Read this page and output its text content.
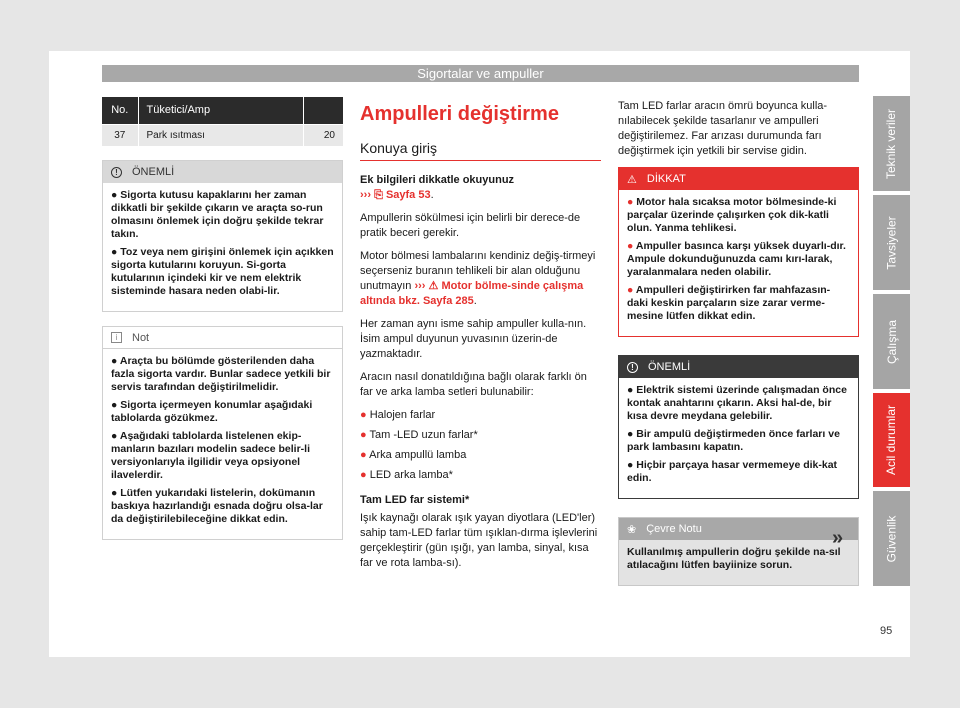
Sigortalar ve ampuller
No.	Tüketici/Amp	
37	Park ısıtması	20
!	ÖNEMLİ

● Sigorta kutusu kapaklarını her zaman dikkatli bir şekilde çıkarın ve araçta so-run olmasını önlemek için doğru şekilde tekrar takın.

● Toz veya nem girişini önlemek için açıkken sigorta kutularını koruyun. Si-gorta kutularının içindeki kir ve nem elektrik sisteminde hasara neden olabi-lir.

i	Not

● Araçta bu bölümde gösterilenden daha fazla sigorta vardır. Bunlar sadece yetkili bir servis tarafından değiştirilmelidir.

● Sigorta içermeyen konumlar aşağıdaki tablolarda gözükmez.

● Aşağıdaki tablolarda listelenen ekip-manların bazıları modelin sadece belir-li versiyonlarıyla ilgilidir veya opsiyonel ilavelerdir.

● Lütfen yukarıdaki listelerin, dokümanın baskıya hazırlandığı esnada doğru olsa-lar da değiştirilebileceğine dikkat edin.

Ampulleri değiştirme
Konuya giriş

Ek bilgileri dikkatle okuyunuz
››› ⎘ Sayfa 53.

Ampullerin sökülmesi için belirli bir derece-de pratik beceri gerekir.

Motor bölmesi lambalarını kendiniz değiş-tirmeyi seçerseniz buranın tehlikeli bir alan olduğunu unutmayın ››› ⚠ Motor bölme-sinde çalışma altında bkz. Sayfa 285.

Her zaman aynı isme sahip ampuller kulla-nın. İsim ampul duyunun yuvasının üzerin-de yazmaktadır.

Aracın nasıl donatıldığına bağlı olarak farklı ön far ve arka lamba setleri bulunabilir:

● Halojen farlar
● Tam -LED uzun farlar*
● Arka ampullü lamba
● LED arka lamba*

Tam LED far sistemi*

Işık kaynağı olarak ışık yayan diyotlara (LED'ler) sahip tam-LED farlar tüm ışıklan-dırma işlevlerini gerçekleştirir (gün ışığı, yan lamba, sinyal, kısa far ve rota lamba-sı).

Tam LED farlar aracın ömrü boyunca kulla-nılabilecek şekilde tasarlanır ve ampulleri değiştirilemez. Far arızası durumunda farı değiştirmek için yetkili bir servise gidin.

⚠ DİKKAT

● Motor hala sıcaksa motor bölmesinde-ki parçalar üzerinde çalışırken çok dik-katli olun. Yanma tehlikesi.

● Ampuller basınca karşı yüksek duyarlı-dır. Ampule dokunduğunuzda camı kırı-larak, yaralanmalara neden olabilir.

● Ampulleri değiştirirken far mahfazasın-daki keskin parçaların size zarar verme-mesine lütfen dikkat edin.

!	ÖNEMLİ

● Elektrik sistemi üzerinde çalışmadan önce kontak anahtarını çıkarın. Aksi hal-de, bir kısa devre meydana gelebilir.

● Bir ampulü değiştirmeden önce farları ve park lambasını kapatın.

● Hiçbir parçaya hasar vermemeye dik-kat edin.

❀ Çevre Notu

Kullanılmış ampullerin doğru şekilde na-sıl atılacağını lütfen bayiinize sorun.

»
Teknik veriler
Tavsiyeler
Çalışma
Acil durumlar
Güvenlik
95
